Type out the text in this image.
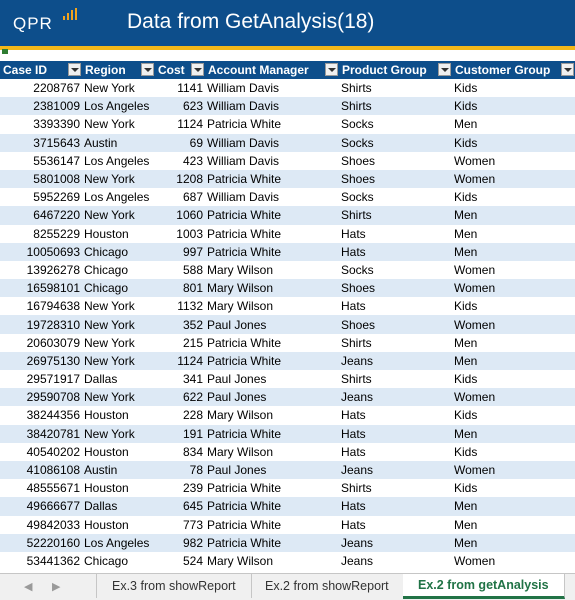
QPR	Data from GetAnalysis(18)
Case ID	Region	Cost	Account Manager	Product Group	Customer Group

2208767	New York	1141	William Davis	Shirts	Kids
2381009	Los Angeles	623	William Davis	Shirts	Kids
3393390	New York	1124	Patricia White	Socks	Men
3715643	Austin	69	William Davis	Socks	Kids
5536147	Los Angeles	423	William Davis	Shoes	Women
5801008	New York	1208	Patricia White	Shoes	Women
5952269	Los Angeles	687	William Davis	Socks	Kids
6467220	New York	1060	Patricia White	Shirts	Men
8255229	Houston	1003	Patricia White	Hats	Men
10050693	Chicago	997	Patricia White	Hats	Men
13926278	Chicago	588	Mary Wilson	Socks	Women
16598101	Chicago	801	Mary Wilson	Shoes	Women
16794638	New York	1132	Mary Wilson	Hats	Kids
19728310	New York	352	Paul Jones	Shoes	Women
20603079	New York	215	Patricia White	Shirts	Men
26975130	New York	1124	Patricia White	Jeans	Men
29571917	Dallas	341	Paul Jones	Shirts	Kids
29590708	New York	622	Paul Jones	Jeans	Women
38244356	Houston	228	Mary Wilson	Hats	Kids
38420781	New York	191	Patricia White	Hats	Men
40540202	Houston	834	Mary Wilson	Hats	Kids
41086108	Austin	78	Paul Jones	Jeans	Women
48555671	Houston	239	Patricia White	Shirts	Kids
49666677	Dallas	645	Patricia White	Hats	Men
49842033	Houston	773	Patricia White	Hats	Men
52220160	Los Angeles	982	Patricia White	Jeans	Men
53441362	Chicago	524	Mary Wilson	Jeans	Women
◀ ▶	Ex.3 from showReport	Ex.2 from showReport	Ex.2 from getAnalysis
